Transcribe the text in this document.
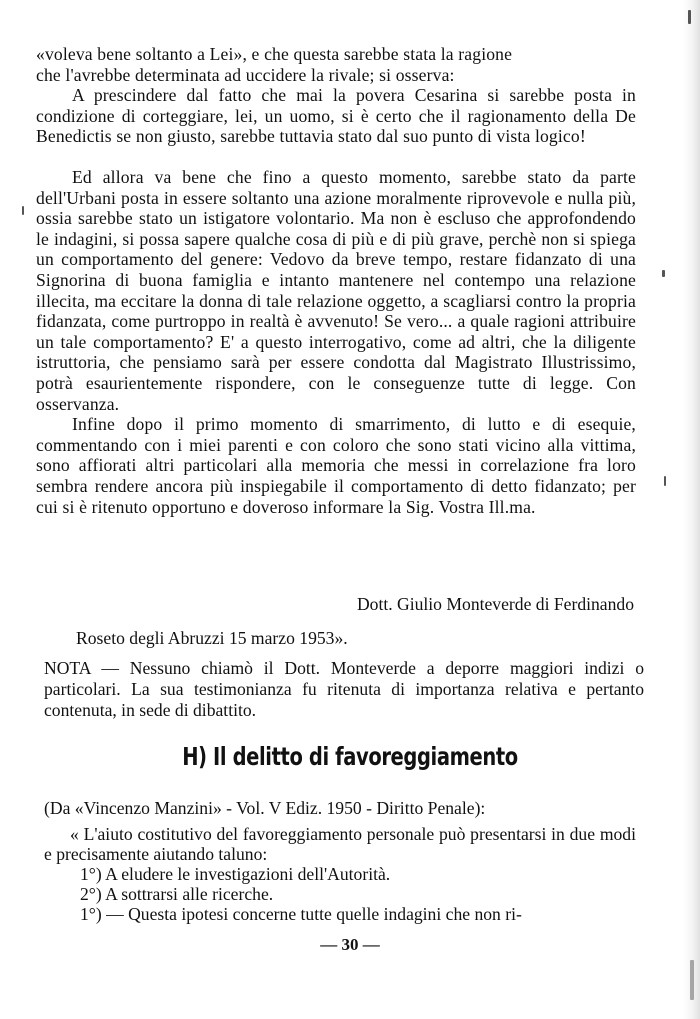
«voleva bene soltanto a Lei», e che questa sarebbe stata la ragione

che l'avrebbe determinata ad uccidere la rivale; si osserva:

A prescindere dal fatto che mai la povera Cesarina si sarebbe posta in condizione di corteggiare, lei, un uomo, si è certo che il ragionamento della De Benedictis se non giusto, sarebbe tuttavia stato dal suo punto di vista logico!

Ed allora va bene che fino a questo momento, sarebbe stato da parte dell'Urbani posta in essere soltanto una azione moralmente riprovevole e nulla più, ossia sarebbe stato un istigatore volontario. Ma non è escluso che approfondendo le indagini, si possa sapere qualche cosa di più e di più grave, perchè non si spiega un comportamento del genere: Vedovo da breve tempo, restare fidanzato di una Signorina di buona famiglia e intanto mantenere nel contempo una relazione illecita, ma eccitare la donna di tale relazione oggetto, a scagliarsi contro la propria fidanzata, come purtroppo in realtà è avvenuto! Se vero... a quale ragioni attribuire un tale comportamento? E' a questo interrogativo, come ad altri, che la diligente istruttoria, che pensiamo sarà per essere condotta dal Magistrato Illustrissimo, potrà esaurientemente rispondere, con le conseguenze tutte di legge. Con osservanza.

Infine dopo il primo momento di smarrimento, di lutto e di esequie, commentando con i miei parenti e con coloro che sono stati vicino alla vittima, sono affiorati altri particolari alla memoria che messi in correlazione fra loro sembra rendere ancora più inspiegabile il comportamento di detto fidanzato; per cui si è ritenuto opportuno e doveroso informare la Sig. Vostra Ill.ma.

Dott. Giulio Monteverde di Ferdinando
Roseto degli Abruzzi 15 marzo 1953».

NOTA — Nessuno chiamò il Dott. Monteverde a deporre maggiori indizi o particolari. La sua testimonianza fu ritenuta di importanza relativa e pertanto contenuta, in sede di dibattito.

H) Il delitto di favoreggiamento
(Da «Vincenzo Manzini» - Vol. V Ediz. 1950 - Diritto Penale):

« L'aiuto costitutivo del favoreggiamento personale può presentarsi in due modi e precisamente aiutando taluno:

1°) A eludere le investigazioni dell'Autorità.

2°) A sottrarsi alle ricerche.

1°) — Questa ipotesi concerne tutte quelle indagini che non ri-

— 30 —
